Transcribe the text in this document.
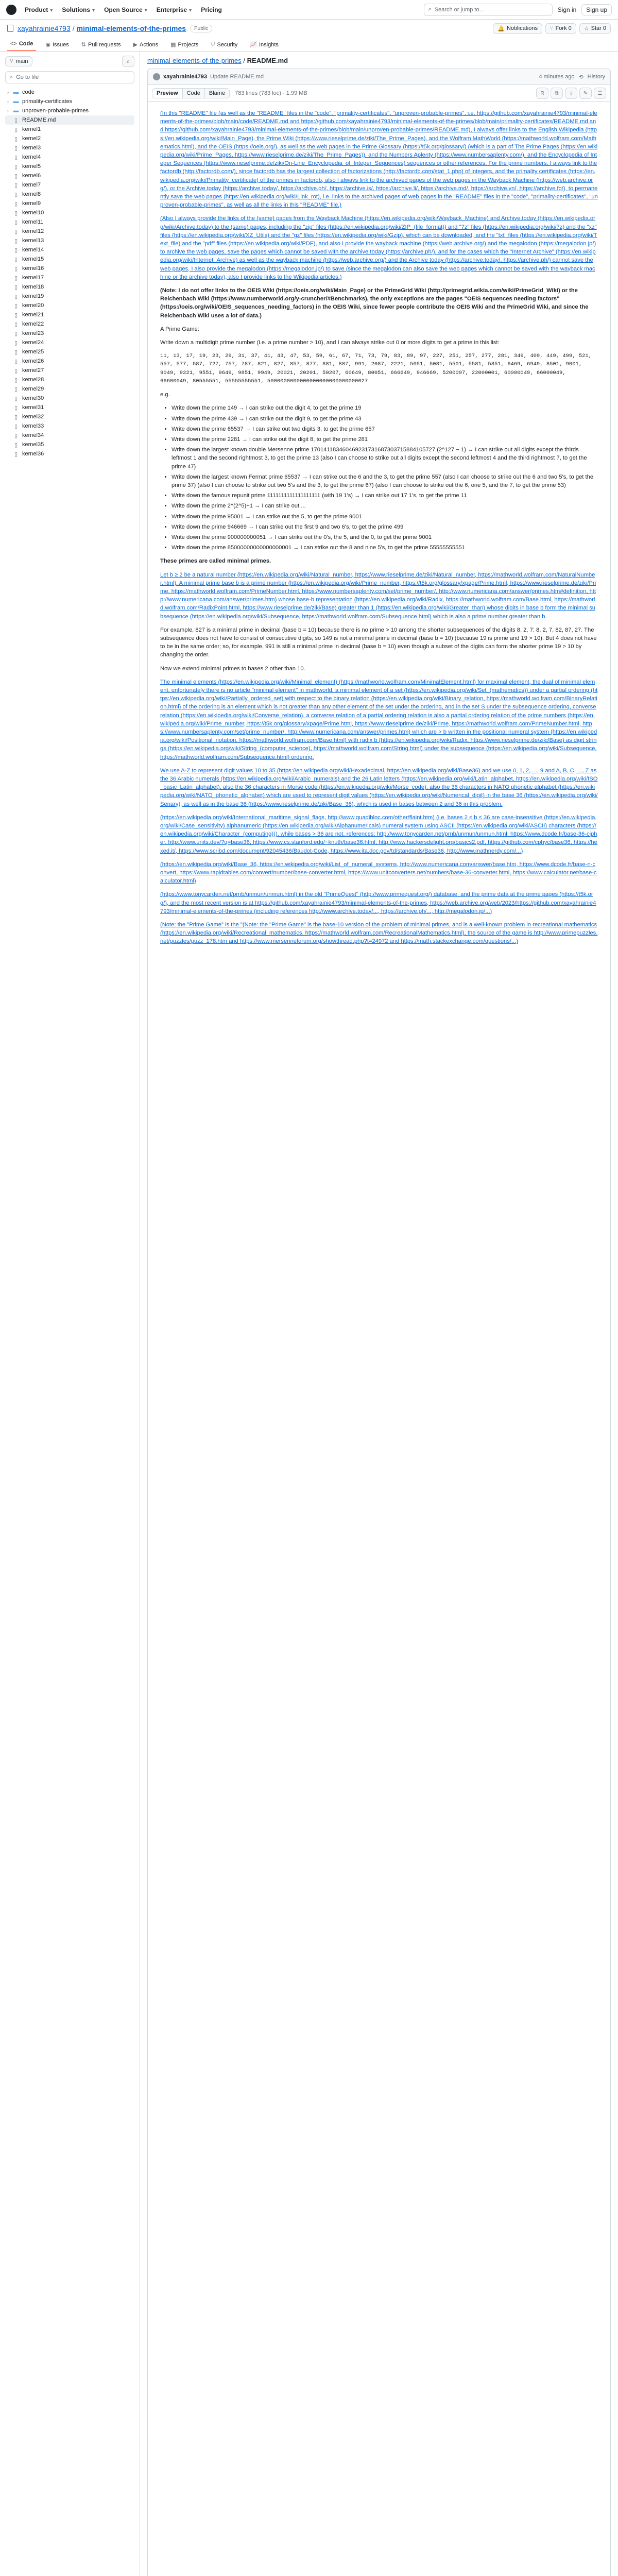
Product ▾ Solutions ▾ Open Source ▾ Enterprise ▾ Pricing	⌕ Search or jump to...	Sign in	Sign up
xayahrainie4793 / minimal-elements-of-the-primes	Public	🔔 Notifications ⑂ Fork 0 ☆ Star 0
<> Code ◉ Issues ⇅ Pull requests ▶ Actions ▦ Projects ⛉ Security 📈 Insights
⑂ main	⌕
⌕ Go to file
› ▬ code
› ▬ primality-certificates
› ▬ unproven-probable-primes
▯ README.md
▯ kernel1
▯ kernel2
▯ kernel3
▯ kernel4
▯ kernel5
▯ kernel6
▯ kernel7
▯ kernel8
▯ kernel9
▯ kernel10
▯ kernel11
▯ kernel12
▯ kernel13
▯ kernel14
▯ kernel15
▯ kernel16
▯ kernel17
▯ kernel18
▯ kernel19
▯ kernel20
▯ kernel21
▯ kernel22
▯ kernel23
▯ kernel24
▯ kernel25
▯ kernel26
▯ kernel27
▯ kernel28
▯ kernel29
▯ kernel30
▯ kernel31
▯ kernel32
▯ kernel33
▯ kernel34
▯ kernel35
▯ kernel36
minimal-elements-of-the-primes / README.md
xayahrainie4793 Update README.md	4 minutes ago ⟲ History
Preview	Code	Blame	783 lines (783 loc) · 1.99 MB	R ⧉ ⤓ ✎ ☰

(In this "README" file (as well as the "README" files in the "code", "primality-certificates", "unproven-probable-primes", i.e. https://github.com/xayahrainie4793/minimal-elements-of-the-primes/blob/main/code/README.md and https://github.com/xayahrainie4793/minimal-elements-of-the-primes/blob/main/primality-certificates/README.md and https://github.com/xayahrainie4793/minimal-elements-of-the-primes/blob/main/unproven-probable-primes/README.md), I always offer links to the English Wikipedia (https://en.wikipedia.org/wiki/Main_Page), the Prime Wiki (https://www.rieselprime.de/ziki/The_Prime_Pages), and the Wolfram MathWorld (https://mathworld.wolfram.com/Mathematics.html), and the OEIS (https://oeis.org/), as well as the web pages in the Prime Glossary (https://t5k.org/glossary/) (which is a part of The Prime Pages (https://en.wikipedia.org/wiki/Prime_Pages, https://www.rieselprime.de/ziki/The_Prime_Pages)), and the Numbers Aplenty (https://www.numbersaplenty.com/), and the Encyclopedia of Integer Sequences (https://www.rieselprime.de/ziki/On-Line_Encyclopedia_of_Integer_Sequences) sequences or other references. For the prime numbers, I always link to the factordb (http://factordb.com/), since factordb has the largest collection of factorizations (http://factordb.com/stat_1.php) of integers, and the primality certificates (https://en.wikipedia.org/wiki/Primality_certificate) of the primes in factordb, also I always link to the archived pages of the web pages in the Wayback Machine (https://web.archive.org/), or the Archive.today (https://archive.today/, https://archive.ph/, https://archive.is/, https://archive.li/, https://archive.md/, https://archive.vn/, https://archive.fo/), to permanently save the web pages (https://en.wikipedia.org/wiki/Link_rot), i.e. links to the archived pages of web pages in the "README" files in the "code", "primality-certificates", "unproven-probable-primes", as well as all the links in this "README" file.)

(Also I always provide the links of the (same) pages from the Wayback Machine (https://en.wikipedia.org/wiki/Wayback_Machine) and Archive.today (https://en.wikipedia.org/wiki/Archive.today) to the (same) pages, including the "zip" files (https://en.wikipedia.org/wiki/ZIP_(file_format)) and "7z" files (https://en.wikipedia.org/wiki/7z) and the "xz" files (https://en.wikipedia.org/wiki/XZ_Utils) and the "gz" files (https://en.wikipedia.org/wiki/Gzip), which can be downloaded, and the "txt" files (https://en.wikipedia.org/wiki/Text_file) and the "pdf" files (https://en.wikipedia.org/wiki/PDF), and also I provide the wayback machine (https://web.archive.org/) and the megalodon (https://megalodon.jp/) to archive the web pages, save the pages which cannot be saved with the archive today (https://archive.ph/), and for the cases which the "Internet Archive" (https://en.wikipedia.org/wiki/Internet_Archive) as well as the wayback machine (https://web.archive.org/) and the Archive today (https://archive.today/, https://archive.ph/) cannot save the web pages, I also provide the megalodon (https://megalodon.jp/) to save (since the megalodon can also save the web pages which cannot be saved with the wayback machine or the archive today), also I provide links to the Wikipedia articles.)

(Note: I do not offer links to the OEIS Wiki (https://oeis.org/wiki/Main_Page) or the PrimeGrid Wiki (http://primegrid.wikia.com/wiki/PrimeGrid_Wiki) or the Reichenbach Wiki (https://www.numberworld.org/y-cruncher/#Benchmarks), the only exceptions are the pages "OEIS sequences needing factors" (https://oeis.org/wiki/OEIS_sequences_needing_factors) in the OEIS Wiki, since fewer people contribute the OEIS Wiki and the PrimeGrid Wiki, and since the Reichenbach Wiki uses a lot of data.)

A Prime Game:

Write down a multidigit prime number (i.e. a prime number > 10), and I can always strike out 0 or more digits to get a prime in this list:

11, 13, 17, 19, 23, 29, 31, 37, 41, 43, 47, 53, 59, 61, 67, 71, 73, 79, 83, 89, 97, 227, 251, 257, 277, 281, 349, 409, 449, 499, 521, 557, 577, 587, 727, 757, 787, 821, 827, 857, 877, 881, 887, 991, 2087, 2221, 5051, 5081, 5501, 5581, 5851, 6469, 6949, 8501, 9001, 9049, 9221, 9551, 9649, 9851, 9949, 20021, 20201, 50207, 60649, 80051, 666649, 946669, 5200007, 22000001, 60000049, 66000049, 66600049, 80555551, 55555555551, 5000000000000000000000000000027

e.g.

• Write down the prime 149 → I can strike out the digit 4, to get the prime 19
• Write down the prime 439 → I can strike out the digit 9, to get the prime 43
• Write down the prime 65537 → I can strike out two digits 3, to get the prime 657
• Write down the prime 2281 → I can strike out the digit 8, to get the prime 281
• Write down the largest known double Mersenne prime 170141183460469231731687303715884105727 (2^127 − 1) → I can strike out all digits except the thirds leftmost 1 and the second rightmost 3, to get the prime 13 (also I can choose to strike out all digits except the second leftmost 4 and the third rightmost 7, to get the prime 47)
• Write down the largest known Fermat prime 65537 → I can strike out the 6 and the 3, to get the prime 557 (also I can choose to strike out the 6 and two 5's, to get the prime 37) (also I can choose to strike out two 5's and the 3, to get the prime 67) (also I can choose to strike out the 6, one 5, and the 7, to get the prime 53)
• Write down the famous repunit prime 1111111111111111111 (with 19 1's) → I can strike out 17 1's, to get the prime 11
• Write down the prime 2^(2^5)+1 → I can strike out ...
• Write down the prime 95001 → I can strike out the 5, to get the prime 9001
• Write down the prime 946669 → I can strike out the first 9 and two 6's, to get the prime 499
• Write down the prime 900000000051 → I can strike out the 0's, the 5, and the 0, to get the prime 9001
• Write down the prime 85000000000000000001 → I can strike out the 8 and nine 5's, to get the prime 55555555551

These primes are called minimal primes.

Let b ≥ 2 be a natural number (https://en.wikipedia.org/wiki/Natural_number, https://www.rieselprime.de/ziki/Natural_number, https://mathworld.wolfram.com/NaturalNumber.html). A minimal prime base b is a prime number (https://en.wikipedia.org/wiki/Prime_number, https://t5k.org/glossary/xpage/Prime.html, https://www.rieselprime.de/ziki/Prime, https://mathworld.wolfram.com/PrimeNumber.html, https://www.numbersaplenty.com/set/prime_number/, http://www.numericana.com/answer/primes.htm#definition, http://www.numericana.com/answer/primes.htm) whose base-b representation (https://en.wikipedia.org/wiki/Radix, https://mathworld.wolfram.com/Base.html, https://mathworld.wolfram.com/RadixPoint.html, https://www.rieselprime.de/ziki/Base) greater than 1 (https://en.wikipedia.org/wiki/Greater_than) whose digits in base b form the minimal subsequence (https://en.wikipedia.org/wiki/Subsequence, https://mathworld.wolfram.com/Subsequence.html) which is also a prime number greater than b.

For example, 827 is a minimal prime in decimal (base b = 10) because there is no prime > 10 among the shorter subsequences of the digits 8, 2, 7: 8, 2, 7, 82, 87, 27. The subsequence does not have to consist of consecutive digits, so 149 is not a minimal prime in decimal (base b = 10) (because 19 is prime and 19 > 10). But 4 does not have to be in the same order; so, for example, 991 is still a minimal prime in decimal (base b = 10) even though a subset of the digits can form the shorter prime 19 > 10 by changing the order.

Now we extend minimal primes to bases 2 other than 10.

The minimal elements (https://en.wikipedia.org/wiki/Minimal_element) (https://mathworld.wolfram.com/MinimalElement.html) for maximal element, the dual of minimal element, unfortunately there is no article "minimal element" in mathworld, a minimal element of a set (https://en.wikipedia.org/wiki/Set_(mathematics)) under a partial ordering (https://en.wikipedia.org/wiki/Partially_ordered_set) with respect to the binary relation (https://en.wikipedia.org/wiki/Binary_relation, https://mathworld.wolfram.com/BinaryRelation.html) of the ordering is an element which is not greater than any other element of the set under the ordering, and in the set S under the subsequence ordering, converse relation (https://en.wikipedia.org/wiki/Converse_relation), a converse relation of a partial ordering relation is also a partial ordering relation of the prime numbers (https://en.wikipedia.org/wiki/Prime_number, https://t5k.org/glossary/xpage/Prime.html, https://www.rieselprime.de/ziki/Prime, https://mathworld.wolfram.com/PrimeNumber.html, https://www.numbersaplenty.com/set/prime_number/, http://www.numericana.com/answer/primes.htm) which are > b written in the positional numeral system (https://en.wikipedia.org/wiki/Positional_notation, https://mathworld.wolfram.com/Base.html) with radix b (https://en.wikipedia.org/wiki/Radix, https://www.rieselprime.de/ziki/Base) as digit strings (https://en.wikipedia.org/wiki/String_(computer_science), https://mathworld.wolfram.com/String.html) under the subsequence (https://en.wikipedia.org/wiki/Subsequence, https://mathworld.wolfram.com/Subsequence.html) ordering.

We use A-Z to represent digit values 10 to 35 (https://en.wikipedia.org/wiki/Hexadecimal, https://en.wikipedia.org/wiki/Base36) and we use 0, 1, 2, ..., 9 and A, B, C, ..., Z as the 36 Arabic numerals (https://en.wikipedia.org/wiki/Arabic_numerals) and the 26 Latin letters (https://en.wikipedia.org/wiki/Latin_alphabet, https://en.wikipedia.org/wiki/ISO_basic_Latin_alphabet), also the 36 characters in Morse code (https://en.wikipedia.org/wiki/Morse_code), also the 36 characters in NATO phonetic alphabet (https://en.wikipedia.org/wiki/NATO_phonetic_alphabet) which are used to represent digit values (https://en.wikipedia.org/wiki/Numerical_digit) in the base 36 (https://en.wikipedia.org/wiki/Senary), as well as in the base 36 (https://www.rieselprime.de/ziki/Base_36), which is used in bases between 2 and 36 in this problem.

(https://en.wikipedia.org/wiki/International_maritime_signal_flags, http://www.quadibloc.com/other/flaint.htm) (i.e. bases 2 ≤ b ≤ 36 are case-insensitive (https://en.wikipedia.org/wiki/Case_sensitivity) alphanumeric (https://en.wikipedia.org/wiki/Alphanumericals) numeral system using ASCII (https://en.wikipedia.org/wiki/ASCII) characters (https://en.wikipedia.org/wiki/Character_(computing))), while bases > 36 are not, references: http://www.tonycarden.net/prnb/unmun/unmun.html, https://www.dcode.fr/base-36-cipher, http://www.units.dev/?q=base36, https://www.cs.stanford.edu/~knuth/base36.html, http://www.hackersdelight.org/basics2.pdf, https://github.com/cphyc/base36, https://hexed.it/, https://www.scribd.com/document/92045436/Baudot-Code, https://www.ita.doc.gov/td/standards/Base36, http://www.mathnerdy.com/...)

(https://en.wikipedia.org/wiki/Base_36, https://en.wikipedia.org/wiki/List_of_numeral_systems, http://www.numericana.com/answer/base.htm, https://www.dcode.fr/base-n-convert, https://www.rapidtables.com/convert/number/base-converter.html, https://www.unitconverters.net/numbers/base-36-converter.html, https://www.calculator.net/base-calculator.html)

(https://www.tonycarden.net/prnb/unmun/unmun.html) in the old "PrimeQuest" (http://www.primequest.org/) database, and the prime data at the prime pages (https://t5k.org/), and the most recent version is at https://github.com/xayahrainie4793/minimal-elements-of-the-primes, https://web.archive.org/web/2023/https://github.com/xayahrainie4793/minimal-elements-of-the-primes (including references http://www.archive.today/..., https://archive.ph/..., http://megalodon.jp/...)

(Note: the "Prime Game" is the "(Note: the "Prime Game" is the base-10 version of the problem of minimal primes, and is a well-known problem in recreational mathematics (https://en.wikipedia.org/wiki/Recreational_mathematics, https://mathworld.wolfram.com/RecreationalMathematics.html), the source of the game is http://www.primepuzzles.net/puzzles/puzz_178.htm and https://www.mersenneforum.org/showthread.php?t=24972 and https://math.stackexchange.com/questions/...)
